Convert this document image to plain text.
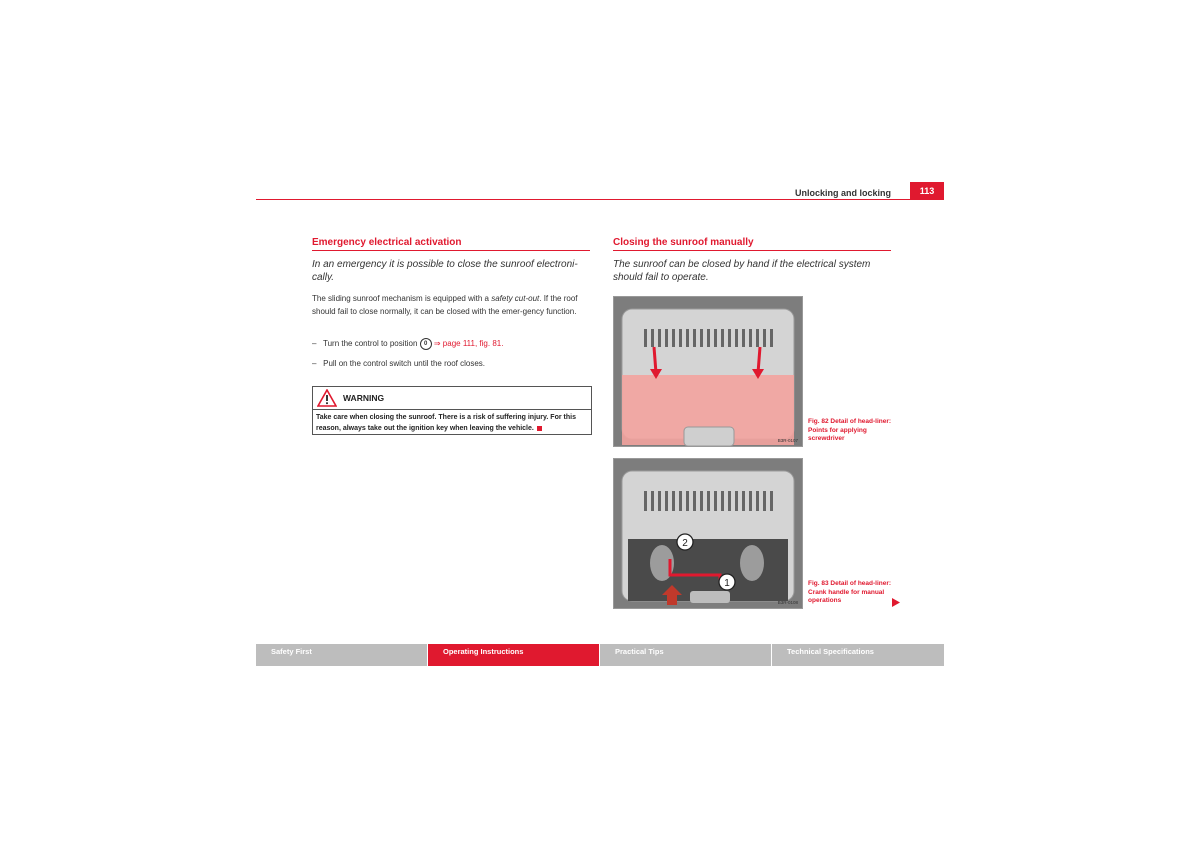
Unlocking and locking	113
Emergency electrical activation
In an emergency it is possible to close the sunroof electroni-cally.
The sliding sunroof mechanism is equipped with a safety cut-out. If the roof should fail to close normally, it can be closed with the emer-gency function.
– Turn the control to position 0 ⇒ page 111, fig. 81.
– Pull on the control switch until the roof closes.
WARNING
Take care when closing the sunroof. There is a risk of suffering injury. For this reason, always take out the ignition key when leaving the vehicle.
Closing the sunroof manually
The sunroof can be closed by hand if the electrical system should fail to operate.
B3R-0107
Fig. 82 Detail of head-liner: Points for applying screwdriver
2
1
B3R-0108
Fig. 83 Detail of head-liner: Crank handle for manual operations
Safety First	Operating Instructions	Practical Tips	Technical Specifications
